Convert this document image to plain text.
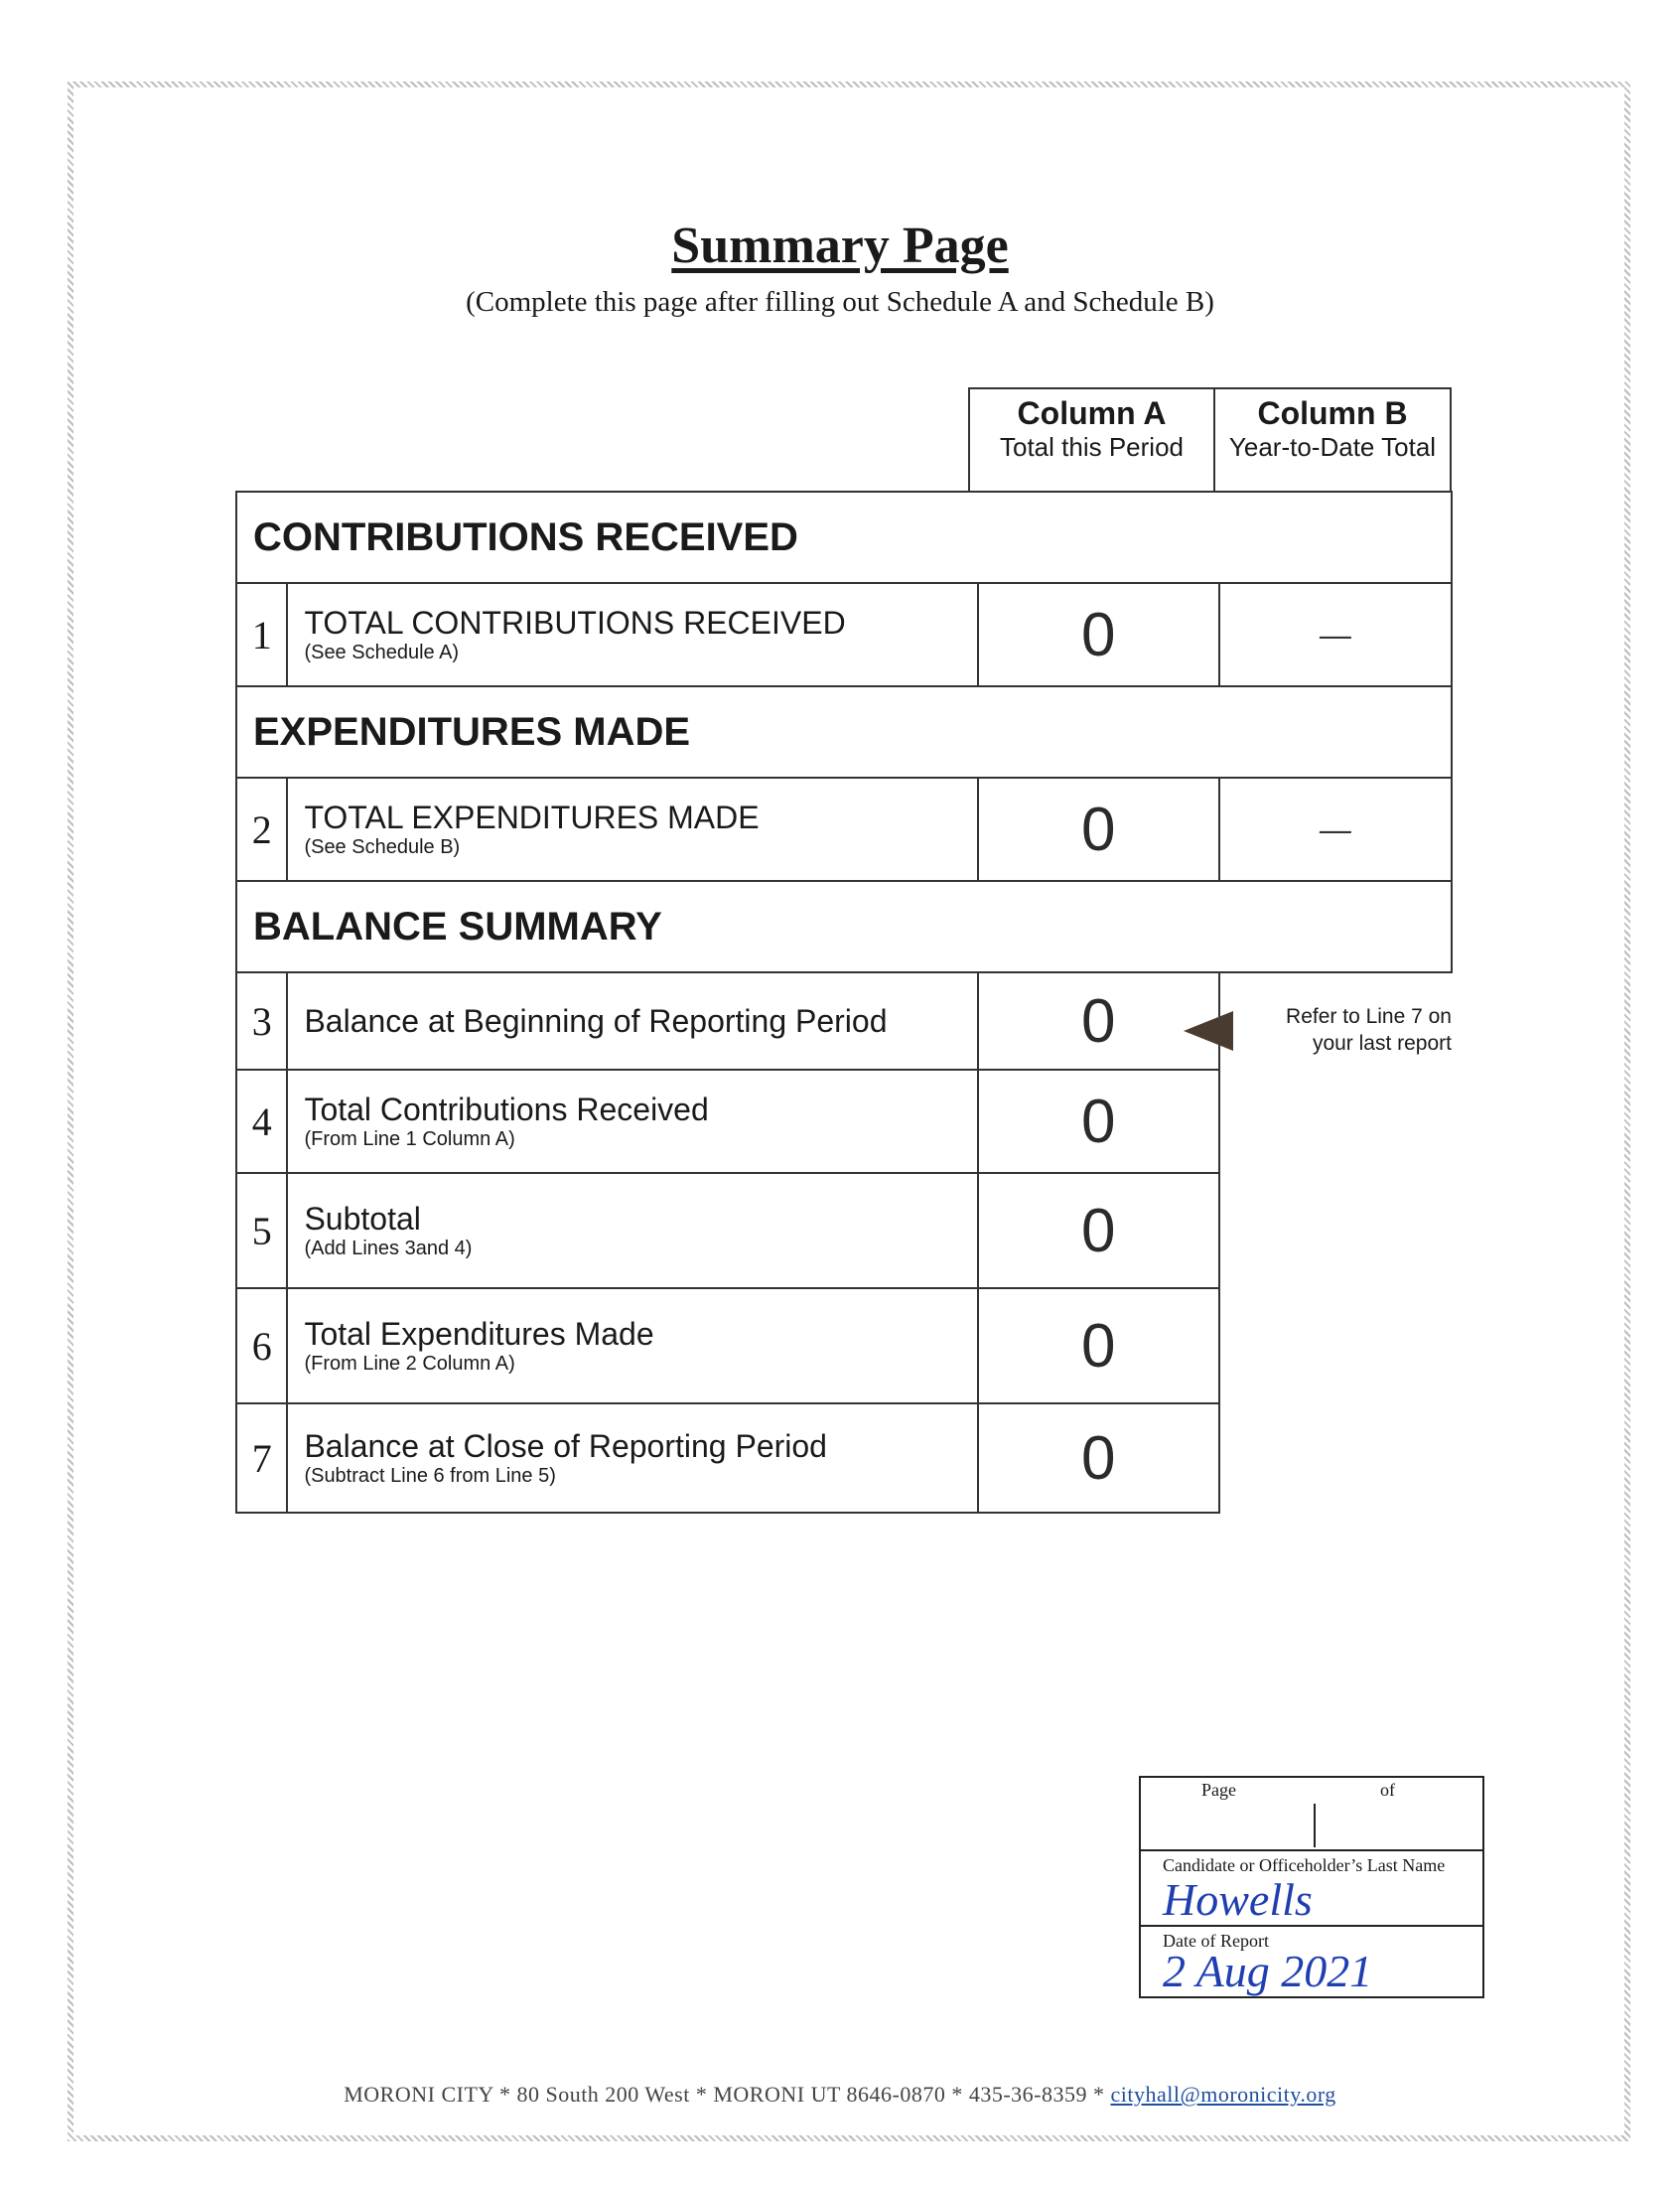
Summary Page
(Complete this page after filling out Schedule A and Schedule B)
Column A
Total this Period
Column B
Year-to-Date Total
CONTRIBUTIONS RECEIVED			
1	TOTAL CONTRIBUTIONS RECEIVED
(See Schedule A)	0	—
EXPENDITURES MADE			
2	TOTAL EXPENDITURES MADE
(See Schedule B)	0	—
BALANCE SUMMARY			
3	Balance at Beginning of Reporting Period	0	
4	Total Contributions Received
(From Line 1 Column A)	0	
5	Subtotal
(Add Lines 3and 4)	0	
6	Total Expenditures Made
(From Line 2 Column A)	0	
7	Balance at Close of Reporting Period
(Subtract Line 6 from Line 5)	0	
Refer to Line 7 on your last report
Page	of
Candidate or Officeholder’s Last Name
Howells
Date of Report
2 Aug 2021
MORONI CITY * 80 South 200 West * MORONI UT 8646-0870 * 435-36-8359 * cityhall@moronicity.org
